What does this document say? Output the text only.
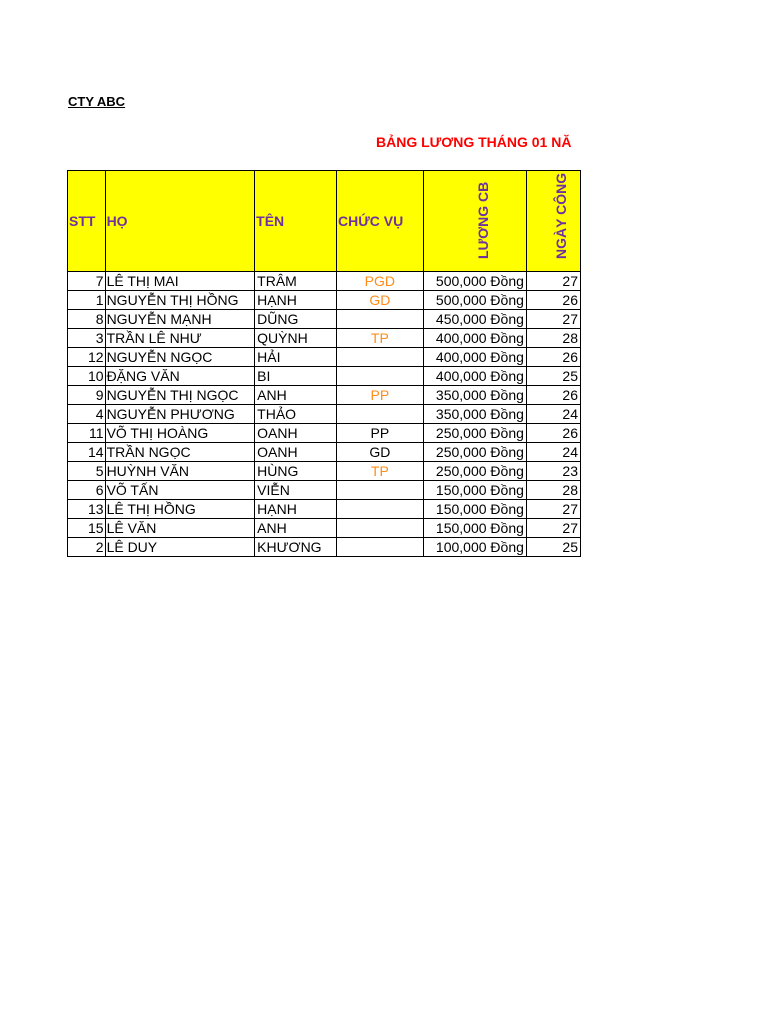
CTY ABC
BẢNG LƯƠNG THÁNG 01 NĂ
STT	HỌ	TÊN	CHỨC VỤ	LƯƠNG CB	NGÀY CÔNG

7	LÊ THỊ MAI	TRÂM	PGD	500,000 Đồng	27
1	NGUYỄN THỊ HỒNG	HẠNH	GD	500,000 Đồng	26
8	NGUYỄN MẠNH	DŨNG		450,000 Đồng	27
3	TRẦN LÊ NHƯ	QUỲNH	TP	400,000 Đồng	28
12	NGUYỄN NGỌC	HẢI		400,000 Đồng	26
10	ĐẶNG VĂN	BI		400,000 Đồng	25
9	NGUYỄN THỊ NGỌC	ANH	PP	350,000 Đồng	26
4	NGUYỄN PHƯƠNG	THẢO		350,000 Đồng	24
11	VÕ THỊ HOÀNG	OANH	PP	250,000 Đồng	26
14	TRẦN NGỌC	OANH	GD	250,000 Đồng	24
5	HUỲNH VĂN	HÙNG	TP	250,000 Đồng	23
6	VÕ TẤN	VIỄN		150,000 Đồng	28
13	LÊ THỊ HỒNG	HẠNH		150,000 Đồng	27
15	LÊ VĂN	ANH		150,000 Đồng	27
2	LÊ DUY	KHƯƠNG		100,000 Đồng	25
